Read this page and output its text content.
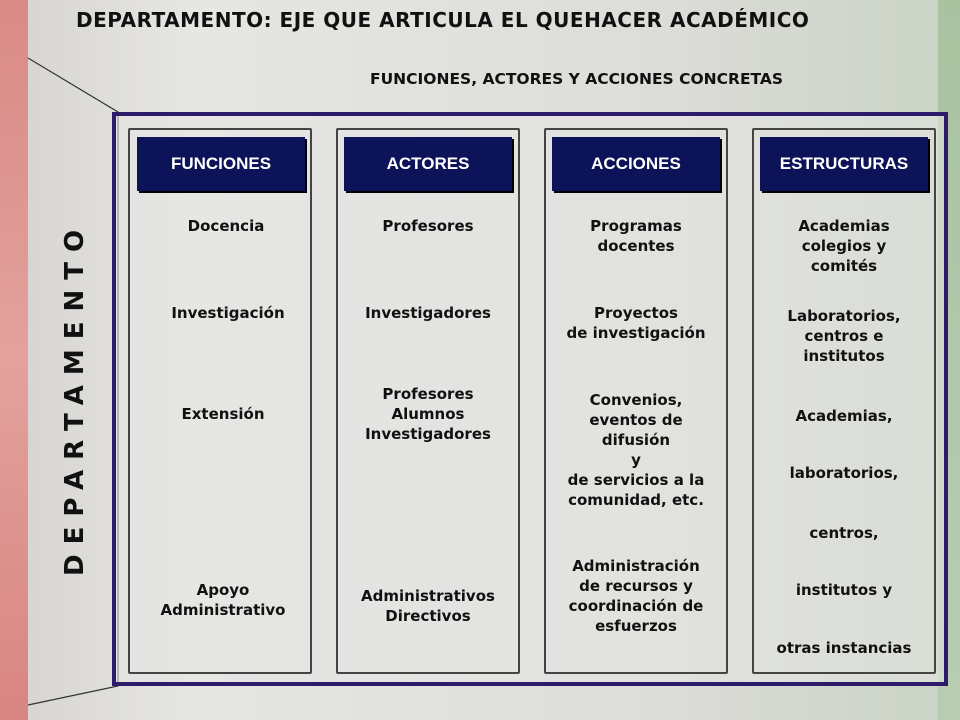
DEPARTAMENTO: EJE QUE ARTICULA EL QUEHACER ACADÉMICO
FUNCIONES, ACTORES Y ACCIONES CONCRETAS
DEPARTAMENTO
FUNCIONES
Docencia
Investigación
Extensión
Apoyo
Administrativo
ACTORES
Profesores
Investigadores
Profesores
Alumnos
Investigadores
Administrativos
Directivos
ACCIONES
Programas
docentes
Proyectos
de investigación
Convenios,
eventos de
difusión
y
de servicios a la
comunidad, etc.
Administración
de recursos y
coordinación de
esfuerzos
ESTRUCTURAS
Academias
colegios y
comités
Laboratorios,
centros e
institutos
Academias,
laboratorios,
centros,
institutos y
otras instancias
